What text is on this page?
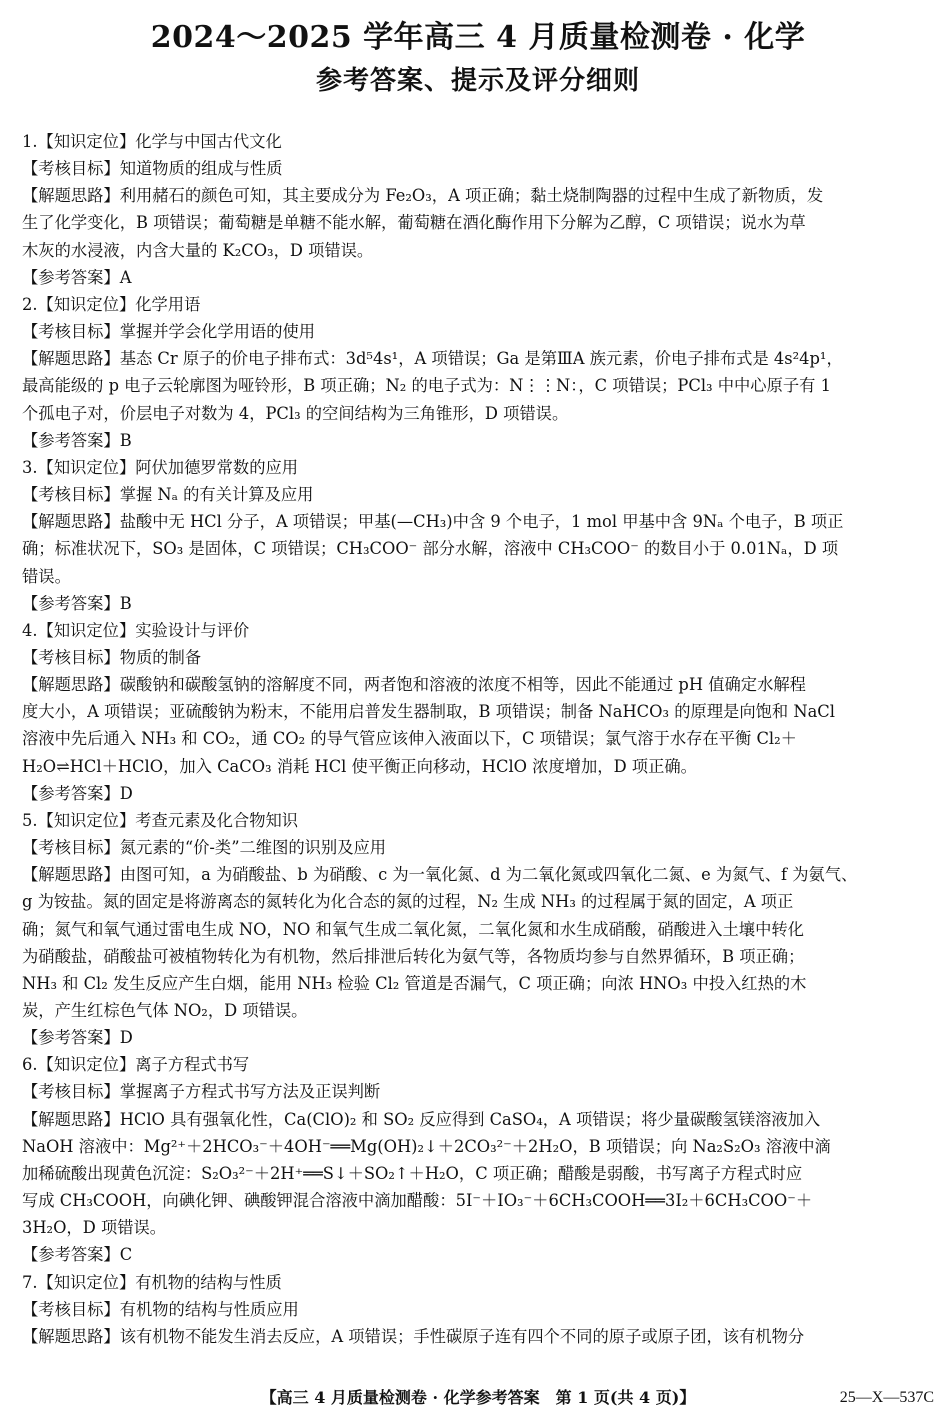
2024～2025 学年高三 4 月质量检测卷 · 化学
参考答案、提示及评分细则

1.【知识定位】化学与中国古代文化

【考核目标】知道物质的组成与性质

【解题思路】利用赭石的颜色可知，其主要成分为 Fe₂O₃，A 项正确；黏土烧制陶器的过程中生成了新物质，发

生了化学变化，B 项错误；葡萄糖是单糖不能水解，葡萄糖在酒化酶作用下分解为乙醇，C 项错误；说水为草

木灰的水浸液，内含大量的 K₂CO₃，D 项错误。

【参考答案】A

2.【知识定位】化学用语

【考核目标】掌握并学会化学用语的使用

【解题思路】基态 Cr 原子的价电子排布式：3d⁵4s¹，A 项错误；Ga 是第ⅢA 族元素，价电子排布式是 4s²4p¹，

最高能级的 p 电子云轮廓图为哑铃形，B 项正确；N₂ 的电子式为：N⋮⋮N：，C 项错误；PCl₃ 中中心原子有 1

个孤电子对，价层电子对数为 4，PCl₃ 的空间结构为三角锥形，D 项错误。

【参考答案】B

3.【知识定位】阿伏加德罗常数的应用

【考核目标】掌握 Nₐ 的有关计算及应用

【解题思路】盐酸中无 HCl 分子，A 项错误；甲基(—CH₃)中含 9 个电子，1 mol 甲基中含 9Nₐ 个电子，B 项正

确；标准状况下，SO₃ 是固体，C 项错误；CH₃COO⁻ 部分水解，溶液中 CH₃COO⁻ 的数目小于 0.01Nₐ，D 项

错误。

【参考答案】B

4.【知识定位】实验设计与评价

【考核目标】物质的制备

【解题思路】碳酸钠和碳酸氢钠的溶解度不同，两者饱和溶液的浓度不相等，因此不能通过 pH 值确定水解程

度大小，A 项错误；亚硫酸钠为粉末，不能用启普发生器制取，B 项错误；制备 NaHCO₃ 的原理是向饱和 NaCl

溶液中先后通入 NH₃ 和 CO₂，通 CO₂ 的导气管应该伸入液面以下，C 项错误；氯气溶于水存在平衡 Cl₂＋

H₂O⇌HCl＋HClO，加入 CaCO₃ 消耗 HCl 使平衡正向移动，HClO 浓度增加，D 项正确。

【参考答案】D

5.【知识定位】考查元素及化合物知识

【考核目标】氮元素的“价-类”二维图的识别及应用

【解题思路】由图可知，a 为硝酸盐、b 为硝酸、c 为一氧化氮、d 为二氧化氮或四氧化二氮、e 为氮气、f 为氨气、

g 为铵盐。氮的固定是将游离态的氮转化为化合态的氮的过程，N₂ 生成 NH₃ 的过程属于氮的固定，A 项正

确；氮气和氧气通过雷电生成 NO，NO 和氧气生成二氧化氮，二氧化氮和水生成硝酸，硝酸进入土壤中转化

为硝酸盐，硝酸盐可被植物转化为有机物，然后排泄后转化为氨气等，各物质均参与自然界循环，B 项正确；

NH₃ 和 Cl₂ 发生反应产生白烟，能用 NH₃ 检验 Cl₂ 管道是否漏气，C 项正确；向浓 HNO₃ 中投入红热的木

炭，产生红棕色气体 NO₂，D 项错误。

【参考答案】D

6.【知识定位】离子方程式书写

【考核目标】掌握离子方程式书写方法及正误判断

【解题思路】HClO 具有强氧化性，Ca(ClO)₂ 和 SO₂ 反应得到 CaSO₄，A 项错误；将少量碳酸氢镁溶液加入

NaOH 溶液中：Mg²⁺＋2HCO₃⁻＋4OH⁻══Mg(OH)₂↓＋2CO₃²⁻＋2H₂O，B 项错误；向 Na₂S₂O₃ 溶液中滴

加稀硫酸出现黄色沉淀：S₂O₃²⁻＋2H⁺══S↓＋SO₂↑＋H₂O，C 项正确；醋酸是弱酸，书写离子方程式时应

写成 CH₃COOH，向碘化钾、碘酸钾混合溶液中滴加醋酸：5I⁻＋IO₃⁻＋6CH₃COOH══3I₂＋6CH₃COO⁻＋

3H₂O，D 项错误。

【参考答案】C

7.【知识定位】有机物的结构与性质

【考核目标】有机物的结构与性质应用

【解题思路】该有机物不能发生消去反应，A 项错误；手性碳原子连有四个不同的原子或原子团，该有机物分

【高三 4 月质量检测卷 · 化学参考答案　第 1 页(共 4 页)】	25—X—537C
